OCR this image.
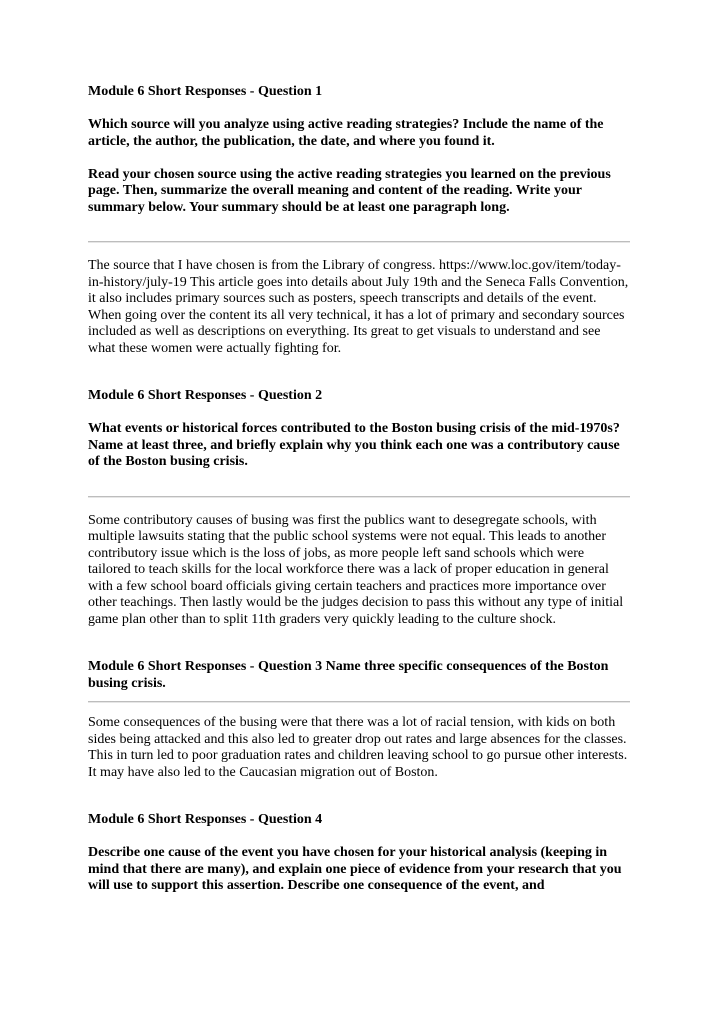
Module 6 Short Responses - Question 1

Which source will you analyze using active reading strategies? Include the name of the article, the author, the publication, the date, and where you found it.

Read your chosen source using the active reading strategies you learned on the previous page. Then, summarize the overall meaning and content of the reading. Write your summary below. Your summary should be at least one paragraph long.

The source that I have chosen is from the Library of congress. https://www.loc.gov/item/today-in-history/july-19 This article goes into details about July 19th and the Seneca Falls Convention, it also includes primary sources such as posters, speech transcripts and details of the event. When going over the content its all very technical, it has a lot of primary and secondary sources included as well as descriptions on everything. Its great to get visuals to understand and see what these women were actually fighting for.

Module 6 Short Responses - Question 2

What events or historical forces contributed to the Boston busing crisis of the mid-1970s? Name at least three, and briefly explain why you think each one was a contributory cause of the Boston busing crisis.

Some contributory causes of busing was first the publics want to desegregate schools, with multiple lawsuits stating that the public school systems were not equal. This leads to another contributory issue which is the loss of jobs, as more people left sand schools which were tailored to teach skills for the local workforce there was a lack of proper education in general with a few school board officials giving certain teachers and practices more importance over other teachings. Then lastly would be the judges decision to pass this without any type of initial game plan other than to split 11th graders very quickly leading to the culture shock.

Module 6 Short Responses - Question 3 Name three specific consequences of the Boston busing crisis.

Some consequences of the busing were that there was a lot of racial tension, with kids on both sides being attacked and this also led to greater drop out rates and large absences for the classes. This in turn led to poor graduation rates and children leaving school to go pursue other interests. It may have also led to the Caucasian migration out of Boston.

Module 6 Short Responses - Question 4

Describe one cause of the event you have chosen for your historical analysis (keeping in mind that there are many), and explain one piece of evidence from your research that you will use to support this assertion. Describe one consequence of the event, and
